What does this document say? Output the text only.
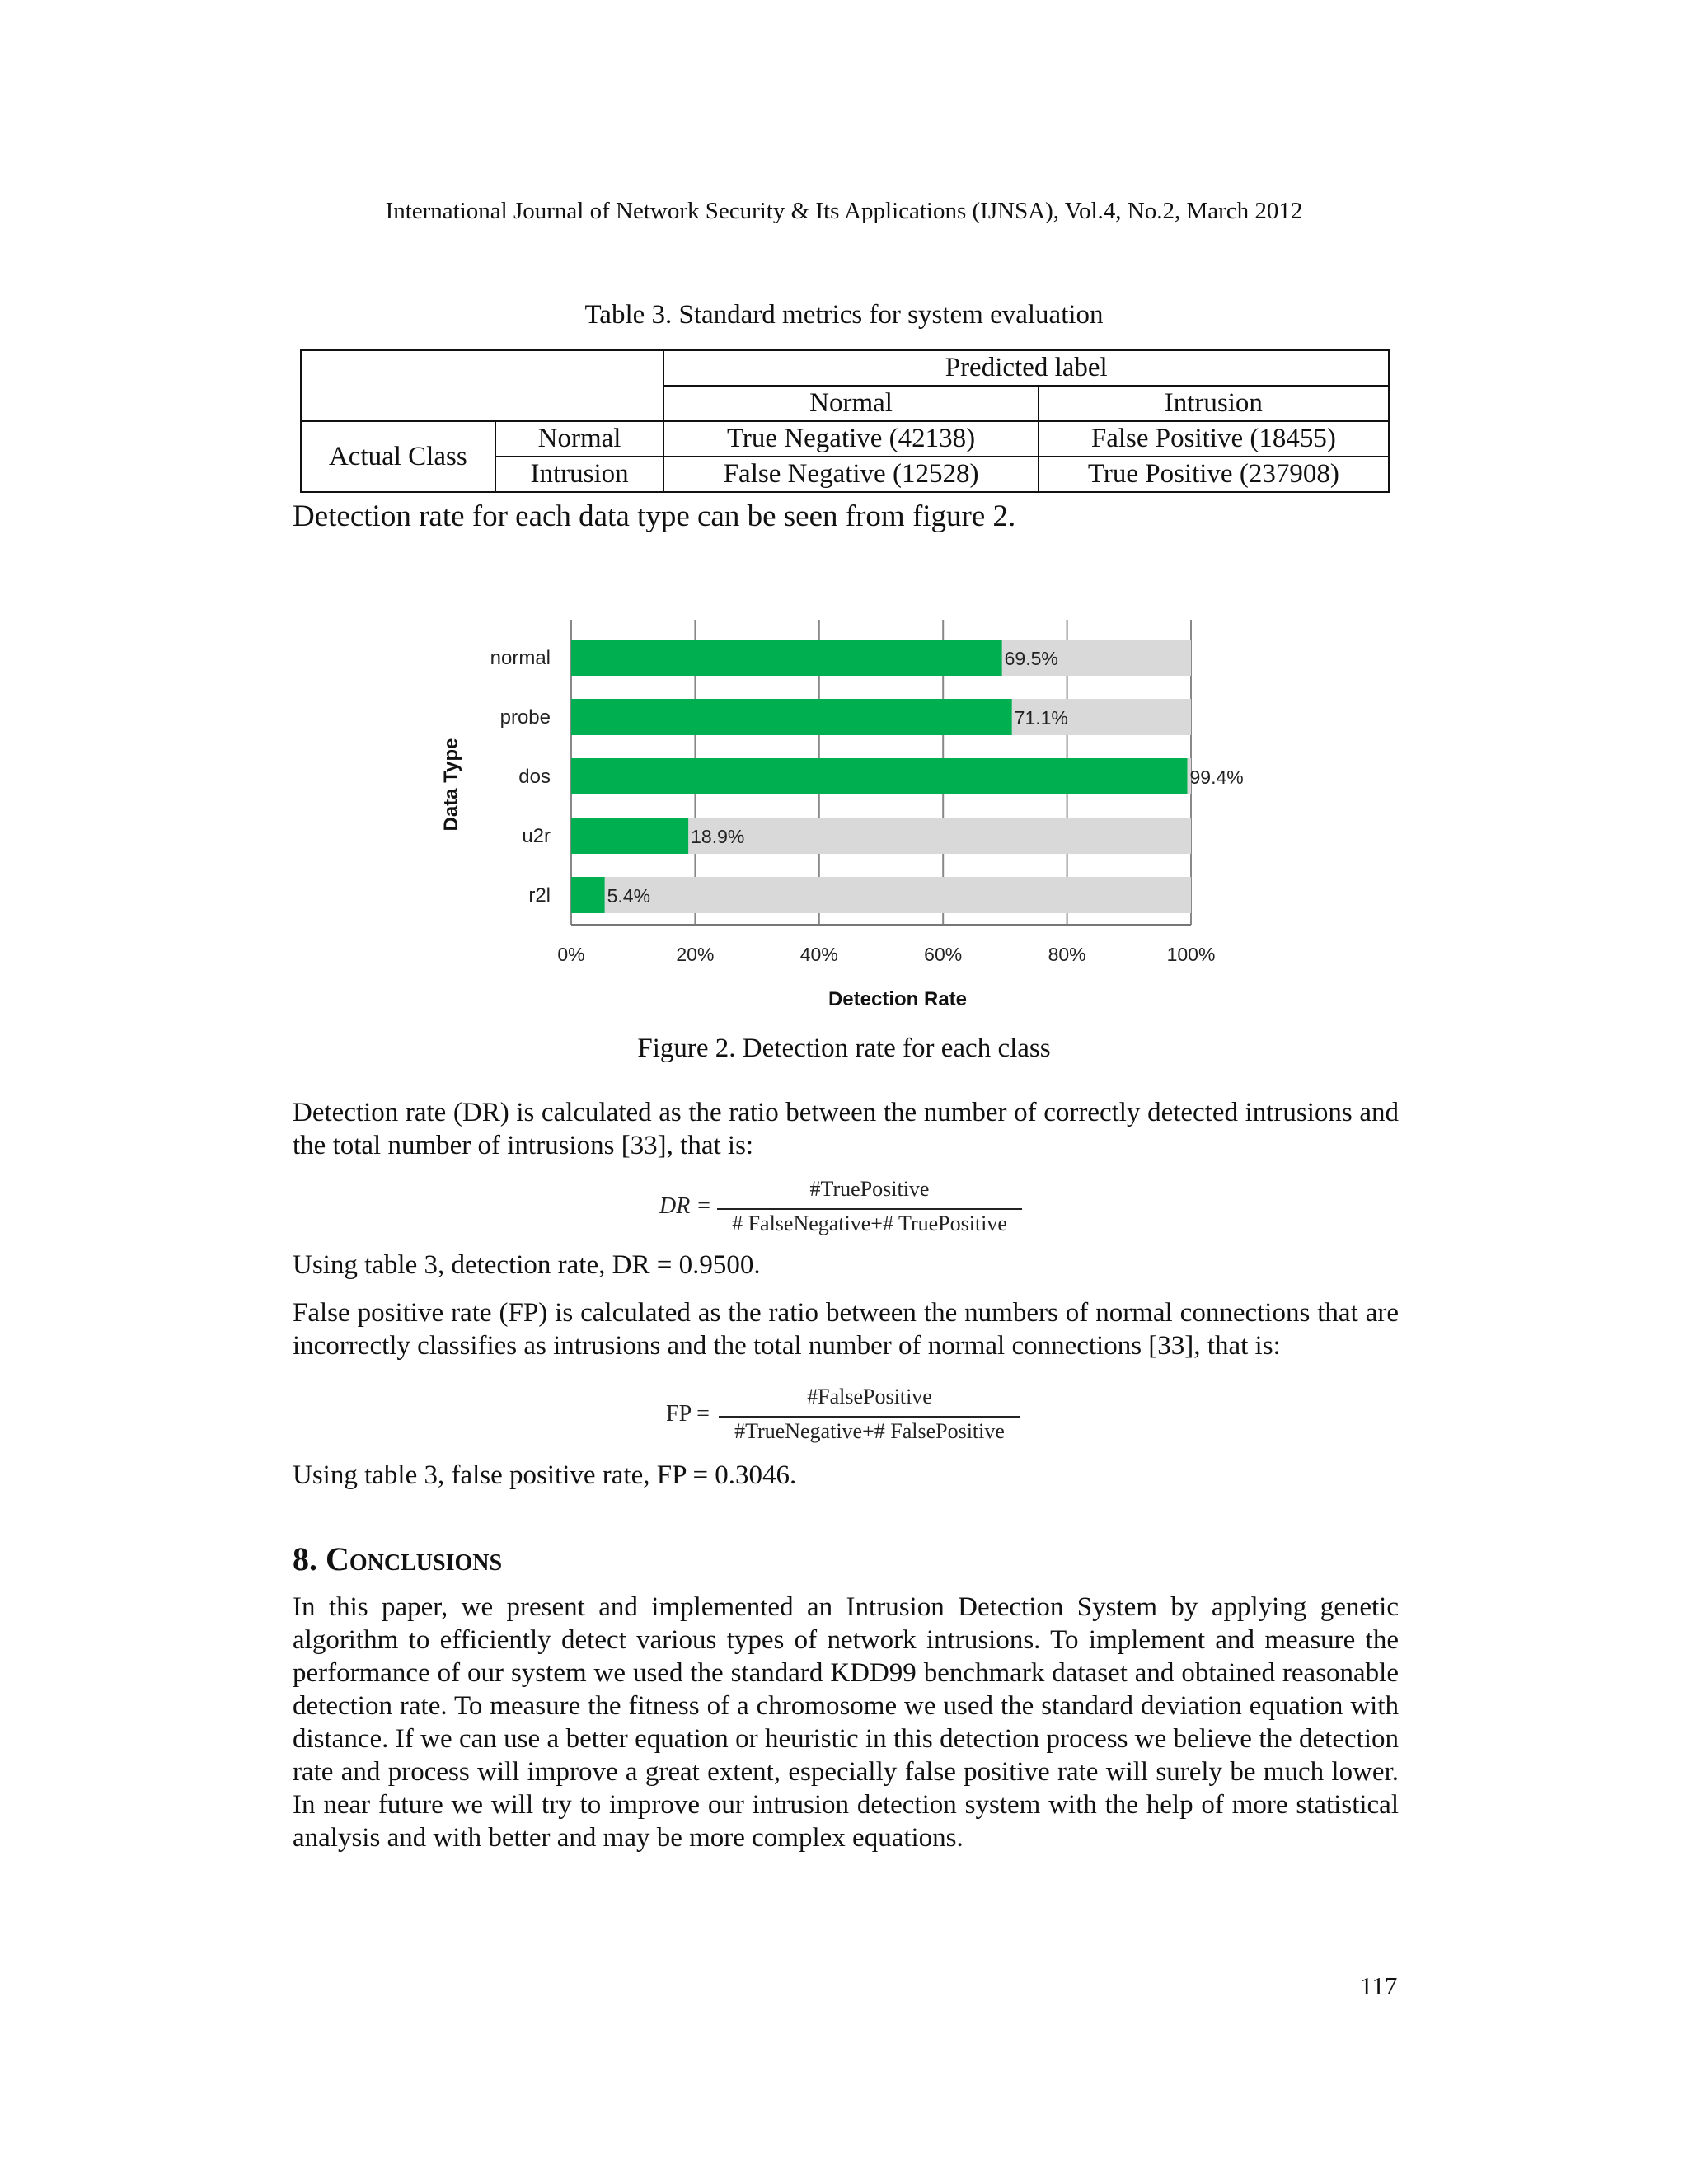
International Journal of Network Security & Its Applications (IJNSA), Vol.4, No.2, March 2012
Table 3. Standard metrics for system evaluation
		Predicted label	
		Normal	Intrusion
Actual Class	Normal	True Negative (42138)	False Positive (18455)
	Intrusion	False Negative (12528)	True Positive (237908)
Detection rate for each data type can be seen from figure 2.
69.5%
normal
71.1%
probe
99.4%
dos
18.9%
u2r
5.4%
r2l
0%	20%	40%	60%	80%	100%
Detection Rate
Data Type
Figure 2. Detection rate for each class
Detection rate (DR) is calculated as the ratio between the number of correctly detected intrusions and the total number of intrusions [33], that is:
DR =
#TruePositive
# FalseNegative+# TruePositive
Using table 3, detection rate, DR = 0.9500.
False positive rate (FP) is calculated as the ratio between the numbers of normal connections that are incorrectly classifies as intrusions and the total number of normal connections [33], that is:
FP =
#FalsePositive
#TrueNegative+# FalsePositive
Using table 3, false positive rate, FP = 0.3046.
8. Conclusions
In this paper, we present and implemented an Intrusion Detection System by applying genetic algorithm to efficiently detect various types of network intrusions. To implement and measure the performance of our system we used the standard KDD99 benchmark dataset and obtained reasonable detection rate. To measure the fitness of a chromosome we used the standard deviation equation with distance. If we can use a better equation or heuristic in this detection process we believe the detection rate and process will improve a great extent, especially false positive rate will surely be much lower. In near future we will try to improve our intrusion detection system with the help of more statistical analysis and with better and may be more complex equations.
117
